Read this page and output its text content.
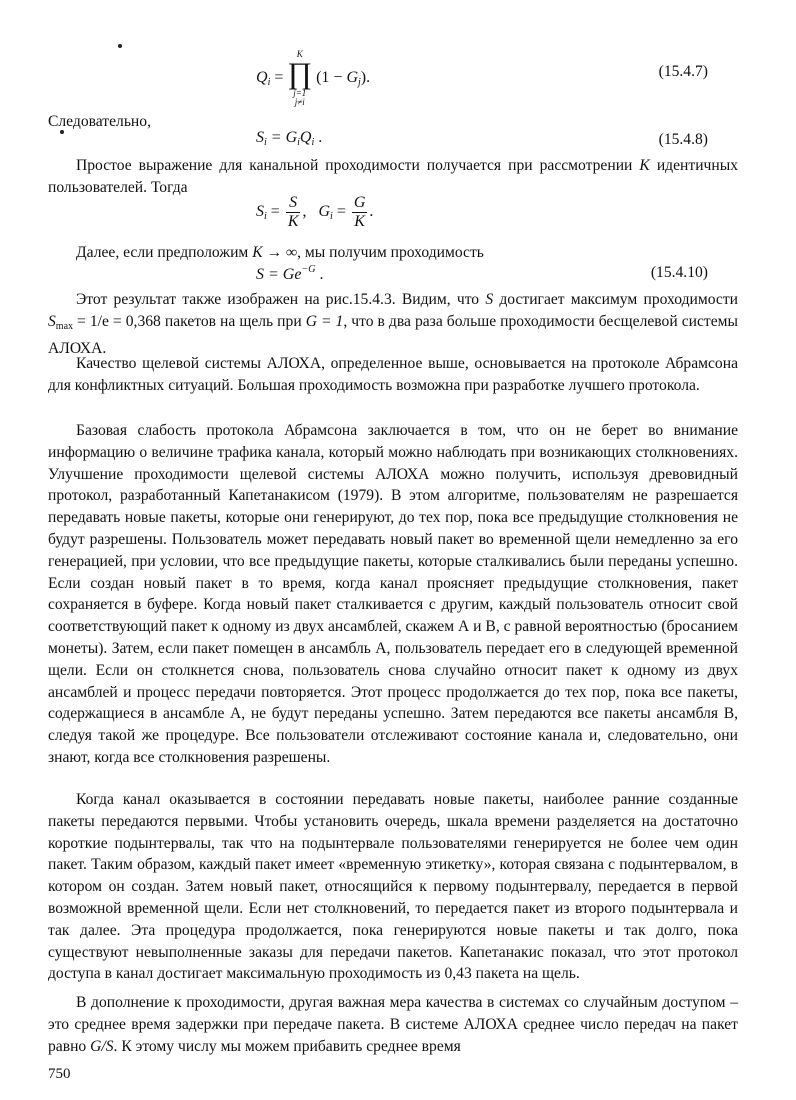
$Q_i$ =
K
∏
j=1
j≠i
$(1 - G_j)$.	(15.4.7)

Следовательно,

$S_i = G_iQ_i$ .	(15.4.8)

Простое выражение для канальной проходимости получается при рассмотрении K идентичных пользователей. Тогда

$S_i = \frac{S}{K}$ , $G_i = \frac{G}{K}$ .

Далее, если предположим K → ∞, мы получим проходимость

$S = Ge^{-G}$ .	(15.4.10)

Этот результат также изображен на рис.15.4.3. Видим, что S достигает максимум проходимости $S_{max} = 1/e = 0,368$ пакетов на щель при G = 1, что в два раза больше проходимости бесщелевой системы АЛОХА.

Качество щелевой системы АЛОХА, определенное выше, основывается на протоколе Абрамсона для конфликтных ситуаций. Большая проходимость возможна при разработке лучшего протокола.

Базовая слабость протокола Абрамсона заключается в том, что он не берет во внимание информацию о величине трафика канала, который можно наблюдать при возникающих столкновениях. Улучшение проходимости щелевой системы АЛОХА можно получить, используя древовидный протокол, разработанный Капетанакисом (1979). В этом алгоритме, пользователям не разрешается передавать новые пакеты, которые они генерируют, до тех пор, пока все предыдущие столкновения не будут разрешены. Пользователь может передавать новый пакет во временной щели немедленно за его генерацией, при условии, что все предыдущие пакеты, которые сталкивались были переданы успешно. Если создан новый пакет в то время, когда канал проясняет предыдущие столкновения, пакет сохраняется в буфере. Когда новый пакет сталкивается с другим, каждый пользователь относит свой соответствующий пакет к одному из двух ансамблей, скажем А и В, с равной вероятностью (бросанием монеты). Затем, если пакет помещен в ансамбль А, пользователь передает его в следующей временной щели. Если он столкнется снова, пользователь снова случайно относит пакет к одному из двух ансамблей и процесс передачи повторяется. Этот процесс продолжается до тех пор, пока все пакеты, содержащиеся в ансамбле А, не будут переданы успешно. Затем передаются все пакеты ансамбля В, следуя такой же процедуре. Все пользователи отслеживают состояние канала и, следовательно, они знают, когда все столкновения разрешены.

Когда канал оказывается в состоянии передавать новые пакеты, наиболее ранние созданные пакеты передаются первыми. Чтобы установить очередь, шкала времени разделяется на достаточно короткие подынтервалы, так что на подынтервале пользователями генерируется не более чем один пакет. Таким образом, каждый пакет имеет «временную этикетку», которая связана с подынтервалом, в котором он создан. Затем новый пакет, относящийся к первому подынтервалу, передается в первой возможной временной щели. Если нет столкновений, то передается пакет из второго подынтервала и так далее. Эта процедура продолжается, пока генерируются новые пакеты и так долго, пока существуют невыполненные заказы для передачи пакетов. Капетанакис показал, что этот протокол доступа в канал достигает максимальную проходимость из 0,43 пакета на щель.

В дополнение к проходимости, другая важная мера качества в системах со случайным доступом – это среднее время задержки при передаче пакета. В системе АЛОХА среднее число передач на пакет равно G/S. К этому числу мы можем прибавить среднее время

750
